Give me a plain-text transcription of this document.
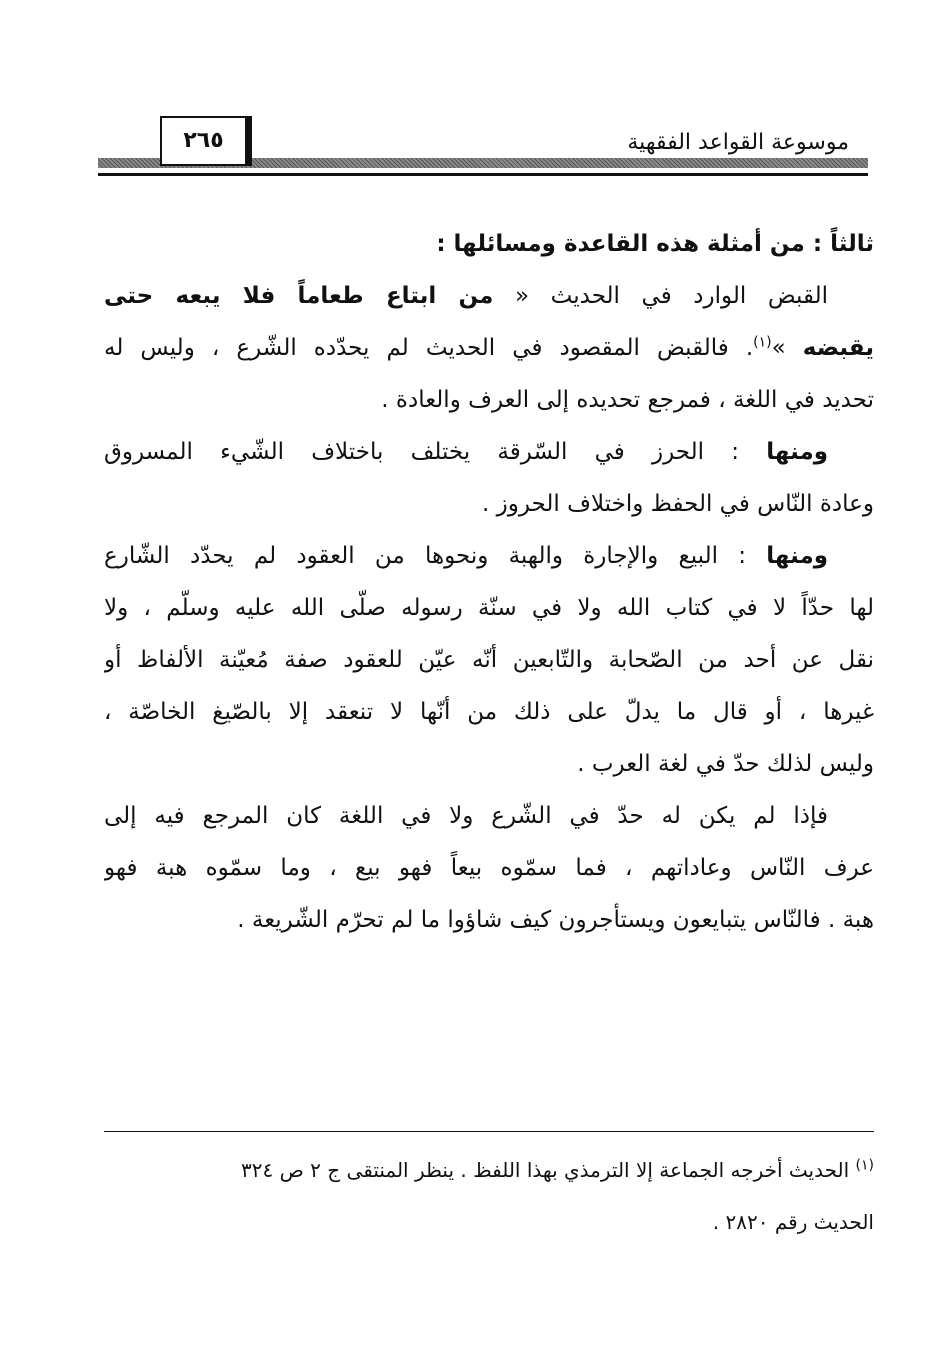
موسوعة القواعد الفقهية
٢٦٥
ثالثاً : من أمثلة هذه القاعدة ومسائلها :
القبض الوارد في الحديث « من ابتاع طعاماً فلا يبعه حتى
يقبضه »$^{(١)}$. فالقبض المقصود في الحديث لم يحدّده الشّرع ، وليس له
تحديد في اللغة ، فمرجع تحديده إلى العرف والعادة .
ومنها : الحرز في السّرقة يختلف باختلاف الشّيء المسروق
وعادة النّاس في الحفظ واختلاف الحروز .
ومنها : البيع والإجارة والهبة ونحوها من العقود لم يحدّد الشّارع
لها حدّاً لا في كتاب الله ولا في سنّة رسوله صلّى الله عليه وسلّم ، ولا
نقل عن أحد من الصّحابة والتّابعين أنّه عيّن للعقود صفة مُعيّنة الألفاظ أو
غيرها ، أو قال ما يدلّ على ذلك من أنّها لا تنعقد إلا بالصّيغ الخاصّة ،
وليس لذلك حدّ في لغة العرب .
فإذا لم يكن له حدّ في الشّرع ولا في اللغة كان المرجع فيه إلى
عرف النّاس وعاداتهم ، فما سمّوه بيعاً فهو بيع ، وما سمّوه هبة فهو
هبة . فالنّاس يتبايعون ويستأجرون كيف شاؤوا ما لم تحرّم الشّريعة .
$^{(١)}$ الحديث أخرجه الجماعة إلا الترمذي بهذا اللفظ . ينظر المنتقى ج ٢ ص ٣٢٤
الحديث رقم ٢٨٢٠ .
